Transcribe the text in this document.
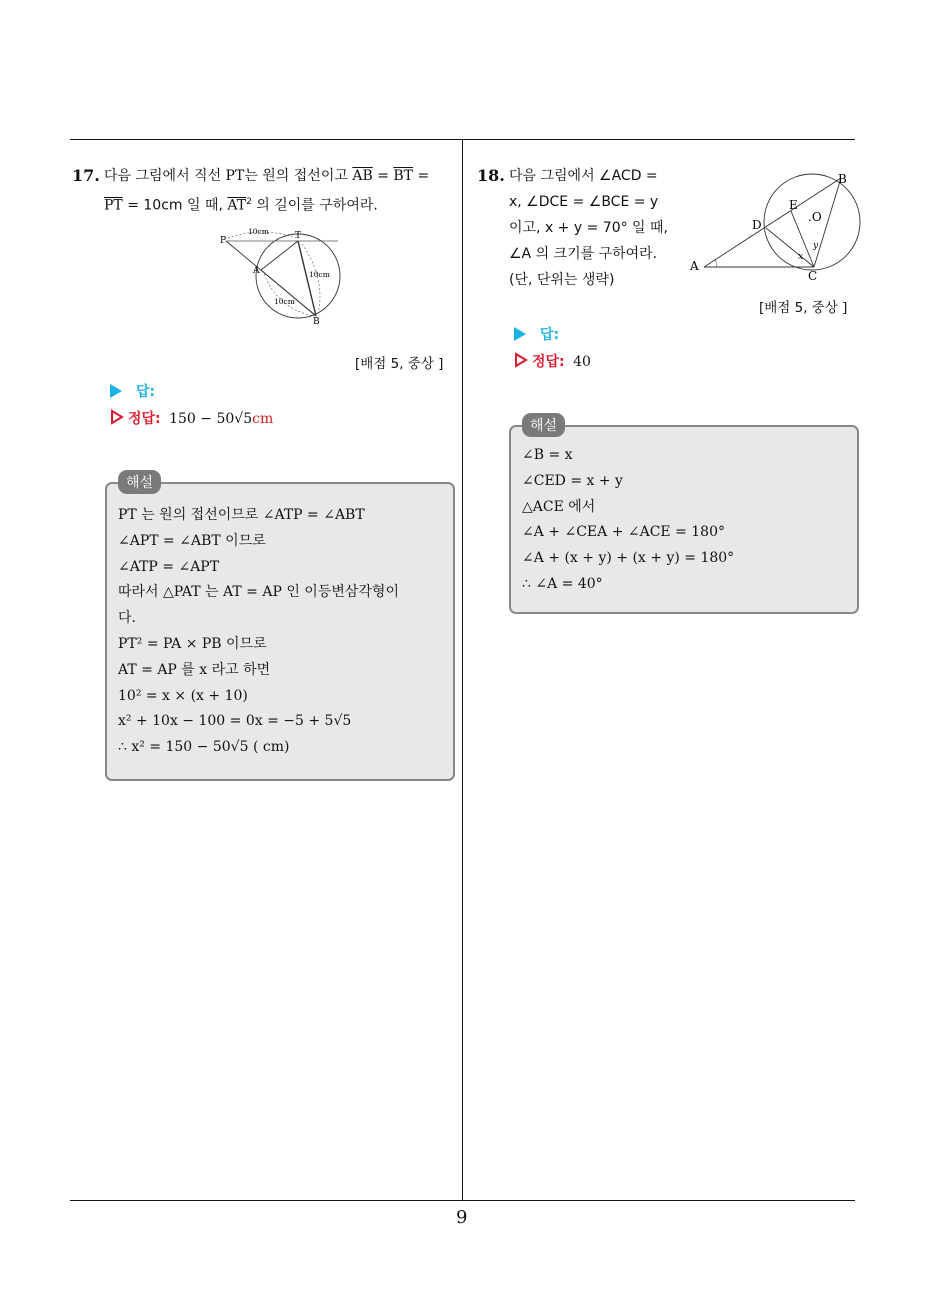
17. 다음 그림에서 직선 PT는 원의 접선이고 $\overline{AB} = \overline{BT}$ =
$\overline{PT} = 10cm$ 일 때, $\overline{AT}^2$ 의 길이를 구하여라.
P	T
A
B
10cm
10cm
10cm
[배점 5, 중상 ]
답:
정답: 150 − 50√5cm
PT 는 원의 접선이므로 ∠ATP = ∠ABT
∠APT = ∠ABT 이므로
∠ATP = ∠APT
따라서 △PAT 는 AT = AP 인 이등변삼각형이
다.
PT² = PA × PB 이므로
AT = AP 를 x 라고 하면
10² = x × (x + 10)
x² + 10x − 100 = 0x = −5 + 5√5
∴ x² = 150 − 50√5 ( cm)
해설
18. 다음 그림에서 ∠ACD =
x, ∠DCE = ∠BCE = y
이고, x + y = 70° 일 때,
∠A 의 크기를 구하여라.
(단, 단위는 생략)
A
B
C
D
E
.O
x
y
[배점 5, 중상 ]
답:
정답: 40
∠B = x
∠CED = x + y
△ACE 에서
∠A + ∠CEA + ∠ACE = 180°
∠A + (x + y) + (x + y) = 180°
∴ ∠A = 40°
해설
9
